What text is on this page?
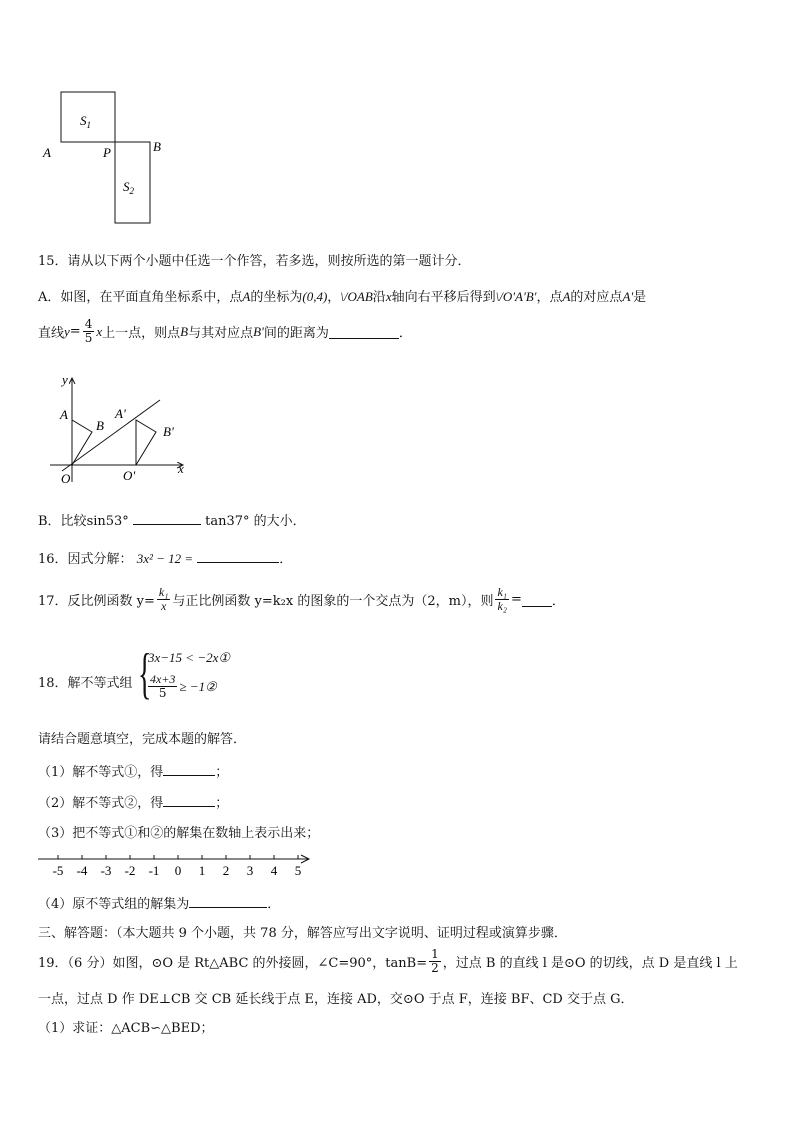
$S_1$
$S_2$
A	P	B
15．请从以下两个小题中任选一个作答，若多选，则按所选的第一题计分．
A．如图，在平面直角坐标系中，点A的坐标为(0,4)，\/OAB沿x轴向右平移后得到\/O'A'B'，点A的对应点A'是
直线 $y = \frac{4}{5}$ x 上一点，则点 B 与其对应点 B' 间的距离为	．
y
x
A
B
A'
B'
O	O'
B．比较sin53°	tan37° 的大小．
16．因式分解： 3x² − 12 =	．
17．反比例函数 $y= \frac{\text{k₁}}{x}$ 与正比例函数 y=k₂x 的图象的一个交点为（2，m），则 $\frac{\text{k₁}}{\text{k₂}}$ = ．
18．解不等式组 {
3x−15 < −2x①
$\frac{4x+3}{5}$ ≥ −1②
请结合题意填空，完成本题的解答．
（1）解不等式①，得	；
（2）解不等式②，得	；
（3）把不等式①和②的解集在数轴上表示出来；
-5 -4 -3 -2 -1 0 1 2 3 4 5
（4）原不等式组的解集为	．
三、解答题：（本大题共 9 个小题，共 78 分，解答应写出文字说明、证明过程或演算步骤．
19．（6 分）如图，⊙O 是 Rt△ABC 的外接圆，∠C=90°，$\tan B= \frac{1}{2}$ ，过点 B 的直线 l 是⊙O 的切线，点 D 是直线 l 上
一点，过点 D 作 DE⊥CB 交 CB 延长线于点 E，连接 AD，交⊙O 于点 F，连接 BF、CD 交于点 G．
（1）求证：△ACB∽△BED；
